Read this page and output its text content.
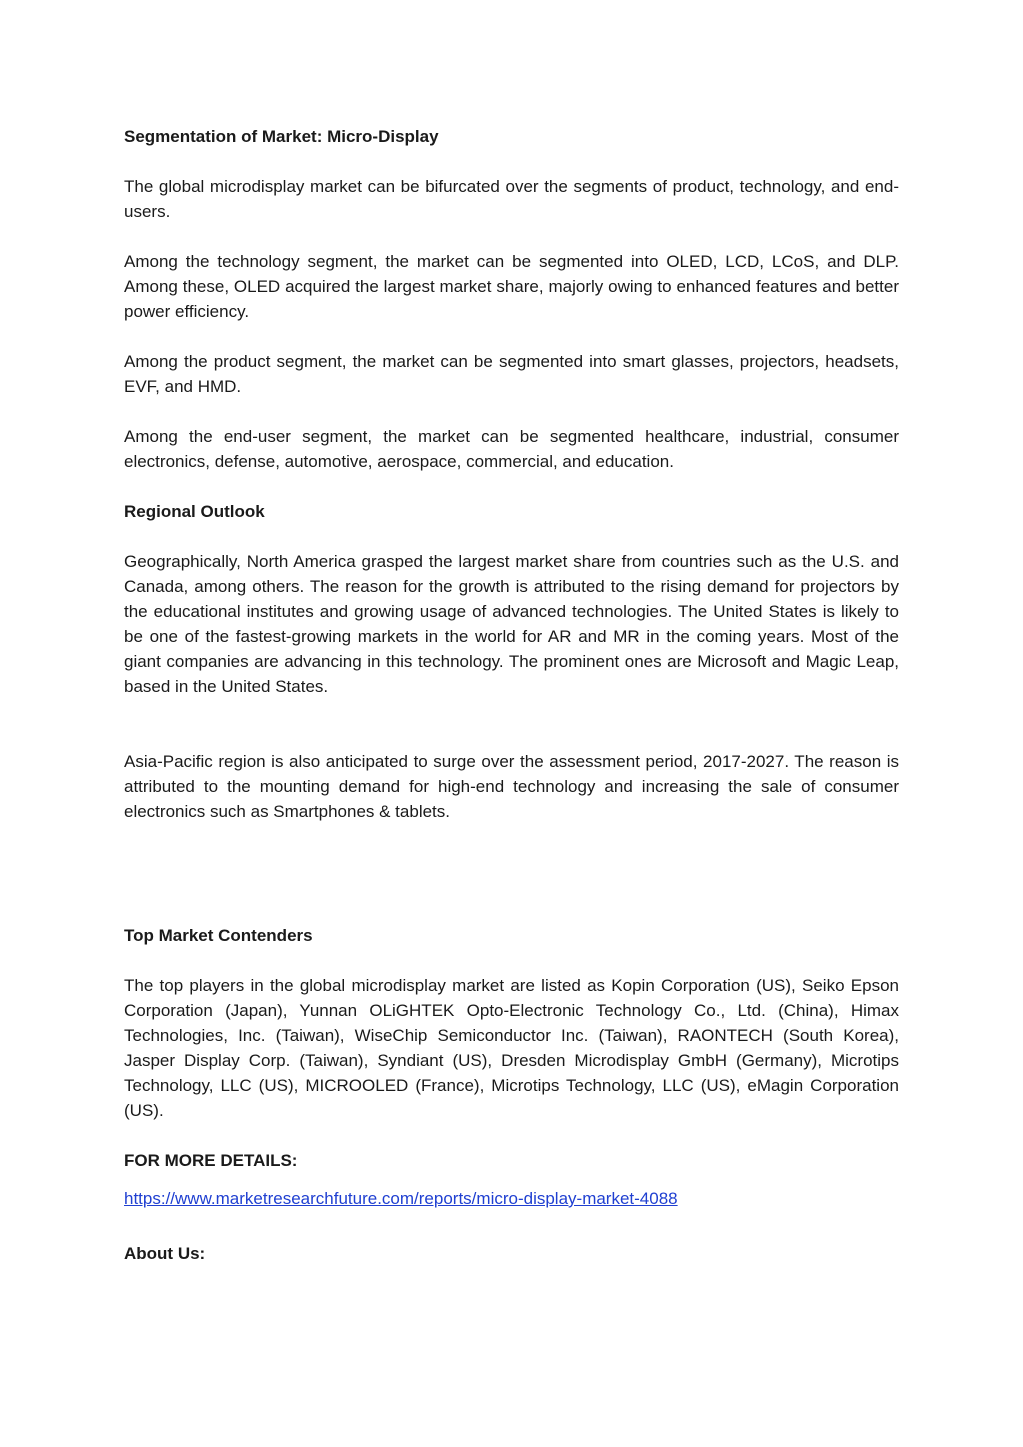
Segmentation of Market: Micro-Display

The global microdisplay market can be bifurcated over the segments of product, technology, and end-users.

Among the technology segment, the market can be segmented into OLED, LCD, LCoS, and DLP. Among these, OLED acquired the largest market share, majorly owing to enhanced features and better power efficiency.

Among the product segment, the market can be segmented into smart glasses, projectors, headsets, EVF, and HMD.

Among the end-user segment, the market can be segmented healthcare, industrial, consumer electronics, defense, automotive, aerospace, commercial, and education.

Regional Outlook

Geographically, North America grasped the largest market share from countries such as the U.S. and Canada, among others. The reason for the growth is attributed to the rising demand for projectors by the educational institutes and growing usage of advanced technologies. The United States is likely to be one of the fastest-growing markets in the world for AR and MR in the coming years. Most of the giant companies are advancing in this technology. The prominent ones are Microsoft and Magic Leap, based in the United States.

Asia-Pacific region is also anticipated to surge over the assessment period, 2017-2027. The reason is attributed to the mounting demand for high-end technology and increasing the sale of consumer electronics such as Smartphones & tablets.

Top Market Contenders

The top players in the global microdisplay market are listed as Kopin Corporation (US), Seiko Epson Corporation (Japan), Yunnan OLiGHTEK Opto-Electronic Technology Co., Ltd. (China), Himax Technologies, Inc. (Taiwan), WiseChip Semiconductor Inc. (Taiwan), RAONTECH (South Korea), Jasper Display Corp. (Taiwan), Syndiant (US), Dresden Microdisplay GmbH (Germany), Microtips Technology, LLC (US), MICROOLED (France), Microtips Technology, LLC (US), eMagin Corporation (US).

FOR MORE DETAILS:

https://www.marketresearchfuture.com/reports/micro-display-market-4088

About Us:
